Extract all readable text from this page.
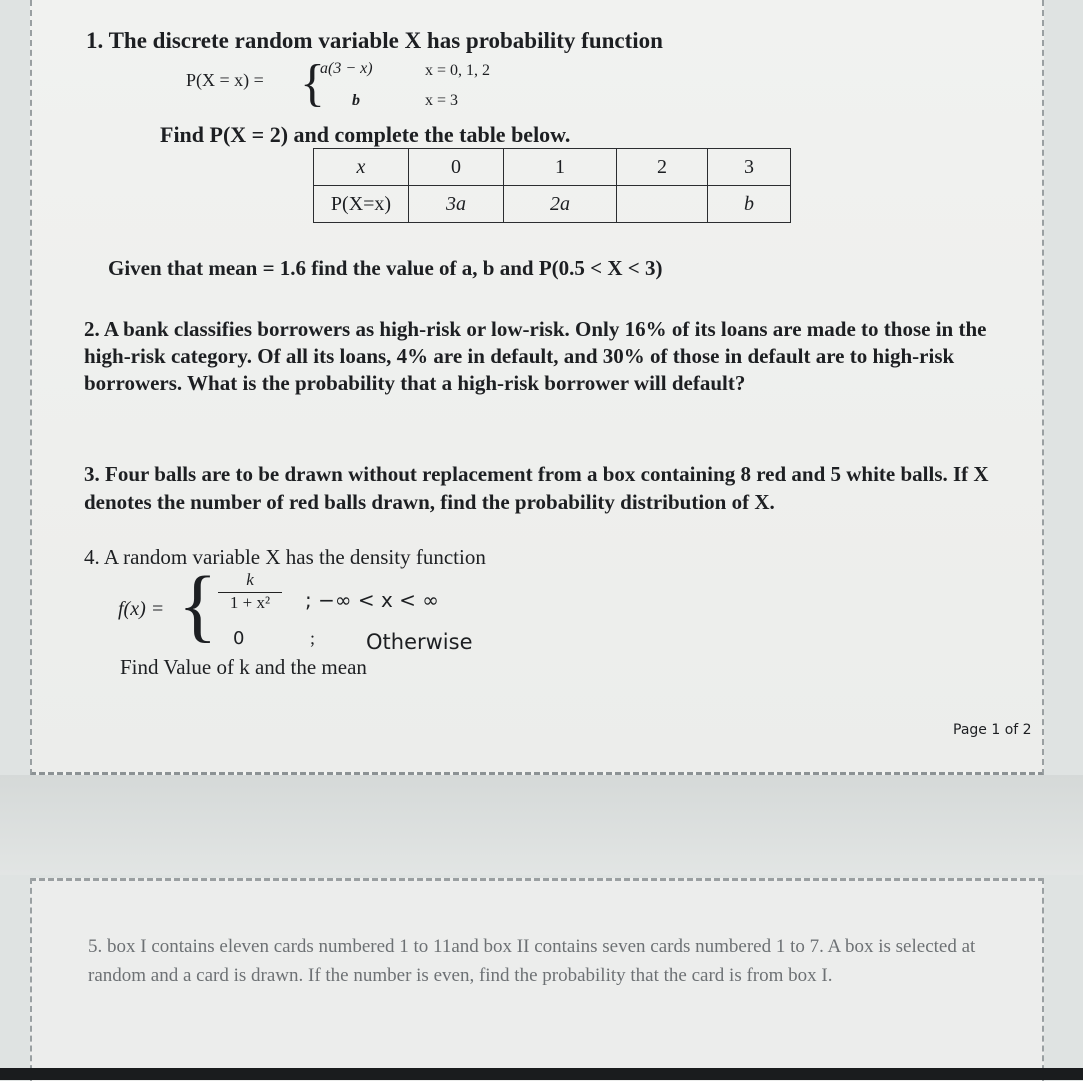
1. The discrete random variable X has probability function
P(X = x) = {
a(3 − x)	x = 0, 1, 2
b	x = 3
Find P(X = 2) and complete the table below.
x	0	1	2	3
P(X=x)	3a	2a		b
Given that mean = 1.6 find the value of a, b and P(0.5 < X < 3)
2. A bank classifies borrowers as high-risk or low-risk. Only 16% of its loans are made to those in the high-risk category. Of all its loans, 4% are in default, and 30% of those in default are to high-risk borrowers. What is the probability that a high-risk borrower will default?
3. Four balls are to be drawn without replacement from a box containing 8 red and 5 white balls. If X denotes the number of red balls drawn, find the probability distribution of X.
4. A random variable X has the density function
f(x) = { $\frac{k}{\text{1 + x²}}$ ; −∞ < x < ∞
0	; Otherwise
Find Value of k and the mean
Page 1 of 2
5. box I contains eleven cards numbered 1 to 11and box II contains seven cards numbered 1 to 7. A box is selected at random and a card is drawn. If the number is even, find the probability that the card is from box I.
